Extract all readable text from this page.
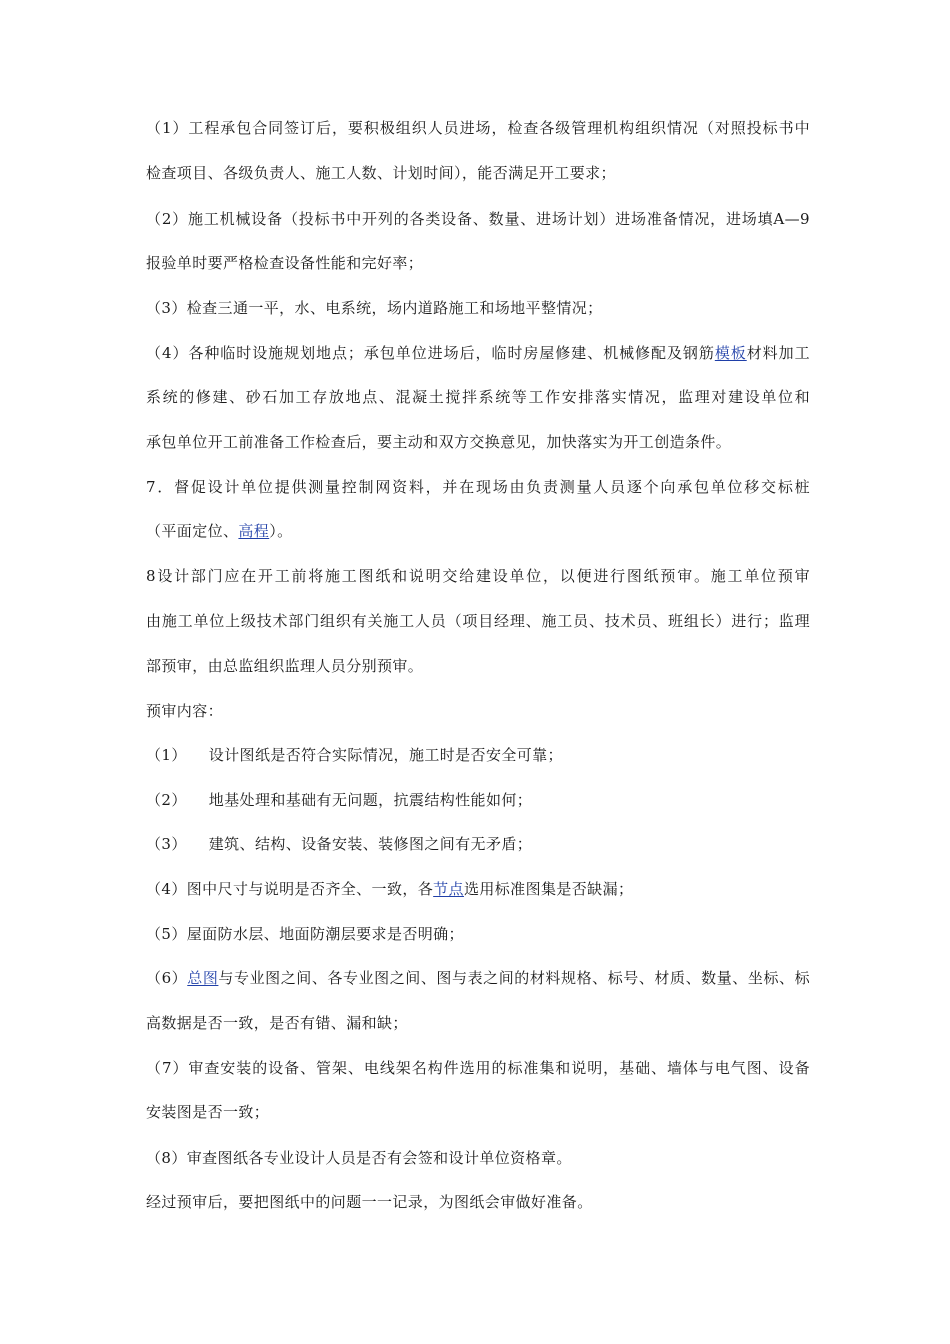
（1）工程承包合同签订后，要积极组织人员进场，检查各级管理机构组织情况（对照投标书中
检查项目、各级负责人、施工人数、计划时间），能否满足开工要求；
（2）施工机械设备（投标书中开列的各类设备、数量、进场计划）进场准备情况，进场填A—9
报验单时要严格检查设备性能和完好率；
（3）检查三通一平，水、电系统，场内道路施工和场地平整情况；
（4）各种临时设施规划地点；承包单位进场后，临时房屋修建、机械修配及钢筋模板材料加工
系统的修建、砂石加工存放地点、混凝土搅拌系统等工作安排落实情况，监理对建设单位和
承包单位开工前准备工作检查后，要主动和双方交换意见，加快落实为开工创造条件。
7．督促设计单位提供测量控制网资料，并在现场由负责测量人员逐个向承包单位移交标桩
（平面定位、高程）。
8设计部门应在开工前将施工图纸和说明交给建设单位，以便进行图纸预审。施工单位预审
由施工单位上级技术部门组织有关施工人员（项目经理、施工员、技术员、班组长）进行；监理
部预审，由总监组织监理人员分别预审。
预审内容：
（1） 设计图纸是否符合实际情况，施工时是否安全可靠；
（2） 地基处理和基础有无问题，抗震结构性能如何；
（3） 建筑、结构、设备安装、装修图之间有无矛盾；
（4）图中尺寸与说明是否齐全、一致，各节点选用标准图集是否缺漏；
（5）屋面防水层、地面防潮层要求是否明确；
（6）总图与专业图之间、各专业图之间、图与表之间的材料规格、标号、材质、数量、坐标、标
高数据是否一致，是否有错、漏和缺；
（7）审查安装的设备、管架、电线架名构件选用的标准集和说明，基础、墙体与电气图、设备
安装图是否一致；
（8）审查图纸各专业设计人员是否有会签和设计单位资格章。
经过预审后，要把图纸中的问题一一记录，为图纸会审做好准备。
